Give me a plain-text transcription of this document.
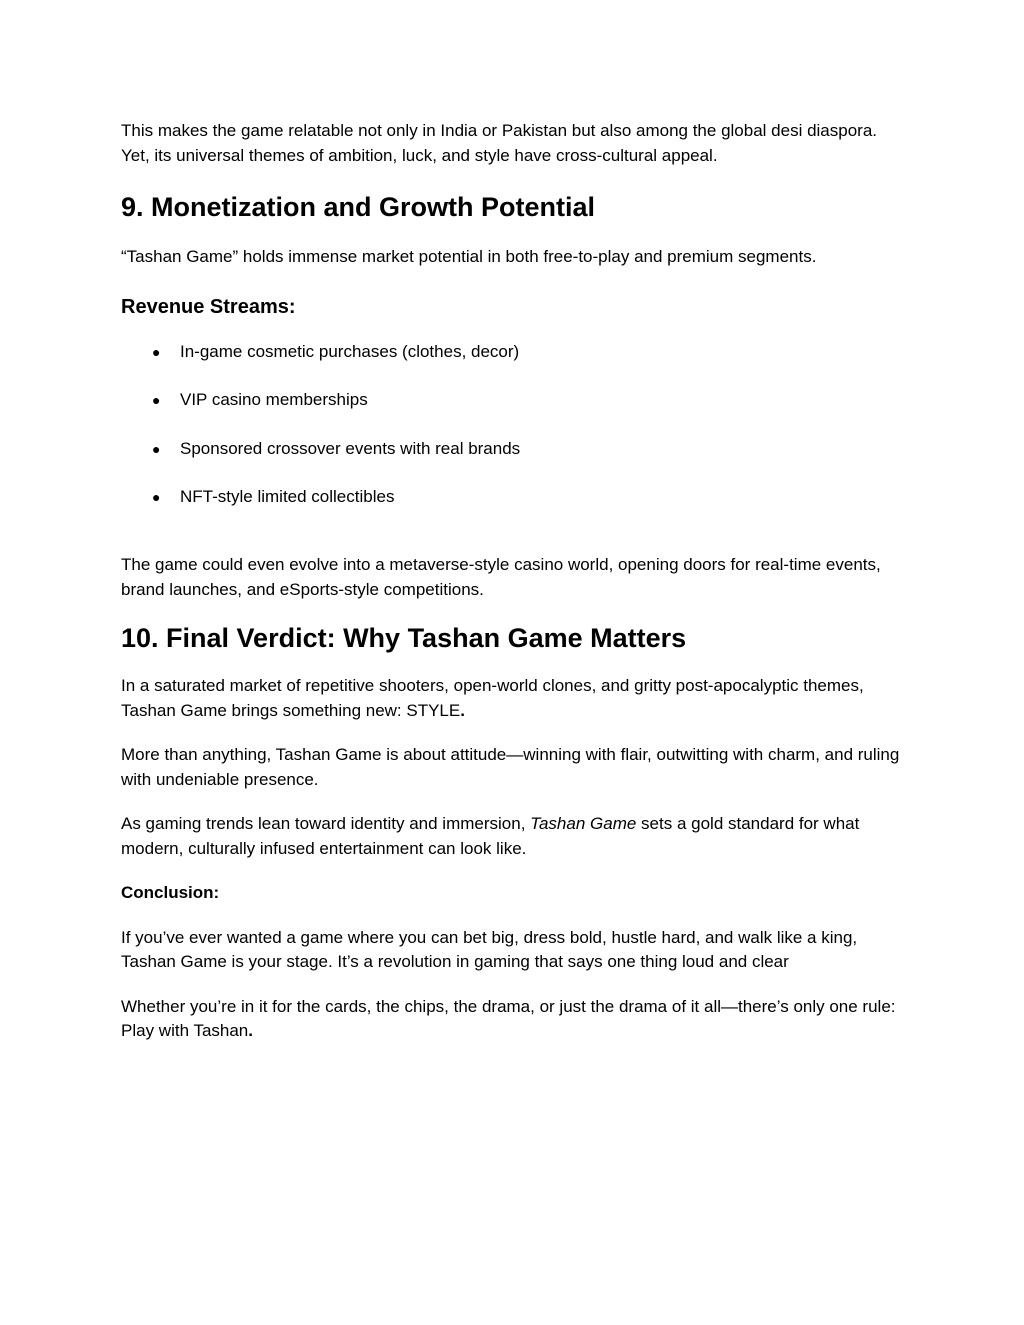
This makes the game relatable not only in India or Pakistan but also among the global desi diaspora. Yet, its universal themes of ambition, luck, and style have cross-cultural appeal.

9. Monetization and Growth Potential

“Tashan Game” holds immense market potential in both free-to-play and premium segments.

Revenue Streams:
● In-game cosmetic purchases (clothes, decor)
● VIP casino memberships
● Sponsored crossover events with real brands
● NFT-style limited collectibles

The game could even evolve into a metaverse-style casino world, opening doors for real-time events, brand launches, and eSports-style competitions.

10. Final Verdict: Why Tashan Game Matters

In a saturated market of repetitive shooters, open-world clones, and gritty post-apocalyptic themes, Tashan Game brings something new: STYLE.

More than anything, Tashan Game is about attitude—winning with flair, outwitting with charm, and ruling with undeniable presence.

As gaming trends lean toward identity and immersion, Tashan Game sets a gold standard for what modern, culturally infused entertainment can look like.

Conclusion:

If you’ve ever wanted a game where you can bet big, dress bold, hustle hard, and walk like a king, Tashan Game is your stage. It’s a revolution in gaming that says one thing loud and clear

Whether you’re in it for the cards, the chips, the drama, or just the drama of it all—there’s only one rule: Play with Tashan.
